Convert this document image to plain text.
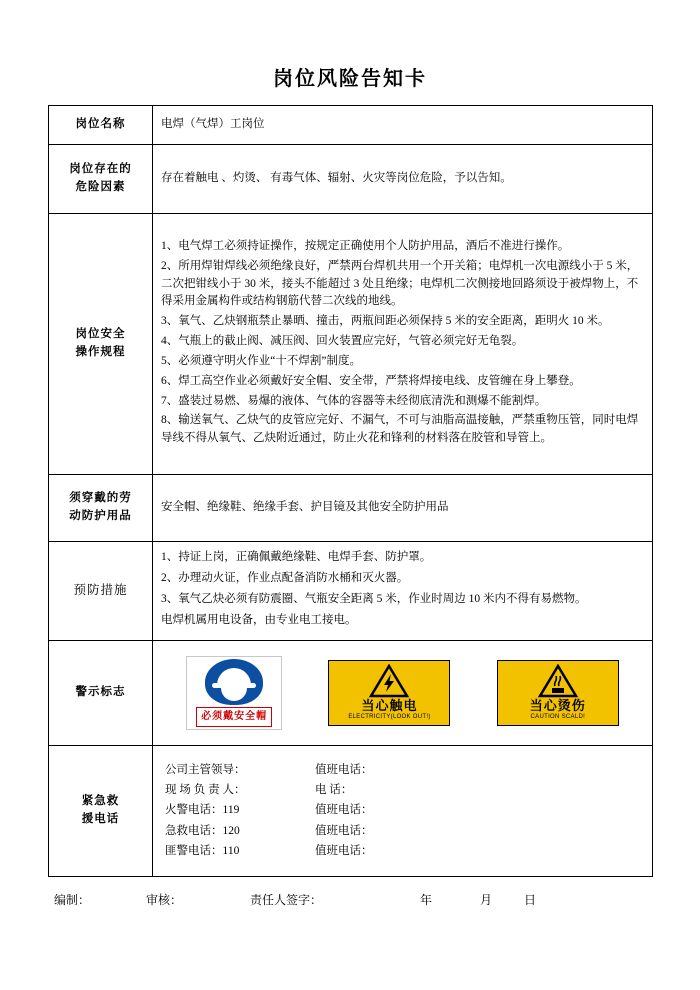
岗位风险告知卡
岗位名称	电焊（气焊）工岗位

岗位存在的
危险因素	存在着触电 、灼烫、 有毒气体、辐射、火灾等岗位危险，予以告知。

岗位安全
操作规程

1、电气焊工必须持证操作，按规定正确使用个人防护用品，酒后不准进行操作。

2、所用焊钳焊线必须绝缘良好，严禁两台焊机共用一个开关箱；电焊机一次电源线小于 5 米，二次把钳线小于 30 米，接头不能超过 3 处且绝缘；电焊机二次侧接地回路须设于被焊物上，不得采用金属构件或结构钢筋代替二次线的地线。

3、氧气、乙炔钢瓶禁止暴晒、撞击，两瓶间距必须保持 5 米的安全距离，距明火 10 米。

4、气瓶上的截止阀、减压阀、回火装置应完好，气管必须完好无龟裂。

5、必须遵守明火作业“十不焊割”制度。

6、焊工高空作业必须戴好安全帽、安全带，严禁将焊接电线、皮管缠在身上攀登。

7、盛装过易燃、易爆的液体、气体的容器等未经彻底清洗和测爆不能割焊。

8、输送氧气、乙炔气的皮管应完好、不漏气，不可与油脂高温接触，严禁重物压管，同时电焊导线不得从氧气、乙炔附近通过，防止火花和锋利的材料落在胶管和导管上。

须穿戴的劳
动防护用品	安全帽、绝缘鞋、绝缘手套、护目镜及其他安全防护用品
预防措施	1、持证上岗，正确佩戴绝缘鞋、电焊手套、防护罩。

2、办理动火证，作业点配备消防水桶和灭火器。

3、氧气乙炔必须有防震圈、气瓶安全距离 5 米，作业时周边 10 米内不得有易燃物。

电焊机属用电设备，由专业电工接电。

警示标志	必须戴安全帽
当心触电
ELECTRICITY(LOOK OUT!)
当心烫伤
CAUTION SCALD!

紧急救
援电话

公司主管领导：	值班电话：
现 场 负 责 人：	电 话：
火警电话：119	值班电话：
急救电话：120	值班电话：
匪警电话：110	值班电话：
编制：	审核：	责任人签字：	年	月	日
